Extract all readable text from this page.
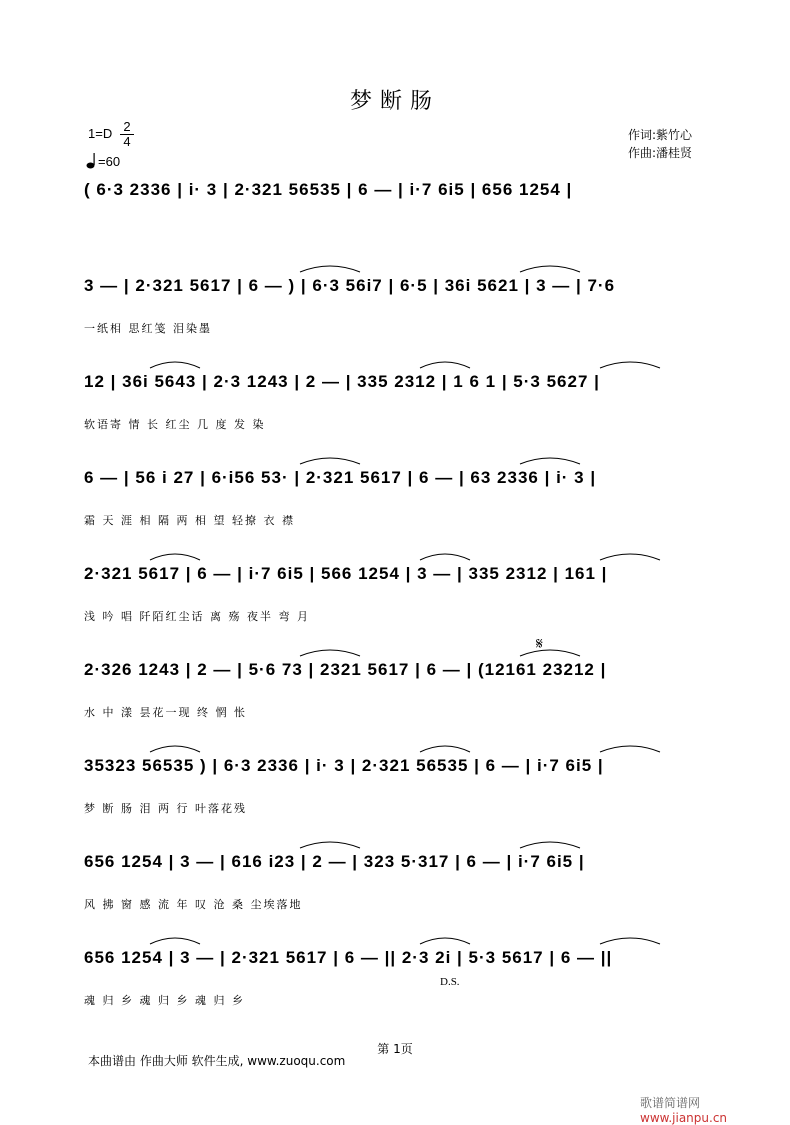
梦断肠
1=D 2
4
=60
作词:紫竹心
作曲:潘桂贤
( 6·3 2336 | i· 3 | 2·321 56535 | 6 — | i·7 6i5 | 656 1254 |
3 — | 2·321 5617 | 6 — ) | 6·3 56i7 | 6·5 | 36i 5621 | 3 — | 7·6
一纸相 思红笺 泪染墨
12 | 36i 5643 | 2·3 1243 | 2 — | 335 2312 | 1 6 1 | 5·3 5627 |
软语寄 情 长 红尘 几 度 发 染
6 — | 56 i 27 | 6·i56 53· | 2·321 5617 | 6 — | 63 2336 | i· 3 |
霜 天 涯 相 隔 两 相 望 轻撩 衣 襟
2·321 5617 | 6 — | i·7 6i5 | 566 1254 | 3 — | 335 2312 | 161 |
浅 吟 唱 阡陌红尘话 离 殇 夜半 弯 月
2·326 1243 | 2 — | 5·6 73 | 2321 5617 | 6 — | (12161 23212 |
水 中 漾 昙花一现 终 惘 怅
35323 56535 ) | 6·3 2336 | i· 3 | 2·321 56535 | 6 — | i·7 6i5 |
梦 断 肠 泪 两 行 叶落花残
656 1254 | 3 — | 616 i23 | 2 — | 323 5·317 | 6 — | i·7 6i5 |
风 拂 窗 感 流 年 叹 沧 桑 尘埃落地
656 1254 | 3 — | 2·321 5617 | 6 — || 2·3 2i | 5·3 5617 | 6 — ||
魂 归 乡 魂 归 乡 魂 归 乡
𝄋
D.S.
第 1页
本曲谱由 作曲大师 软件生成, www.zuoqu.com
歌谱简谱网 www.jianpu.cn
